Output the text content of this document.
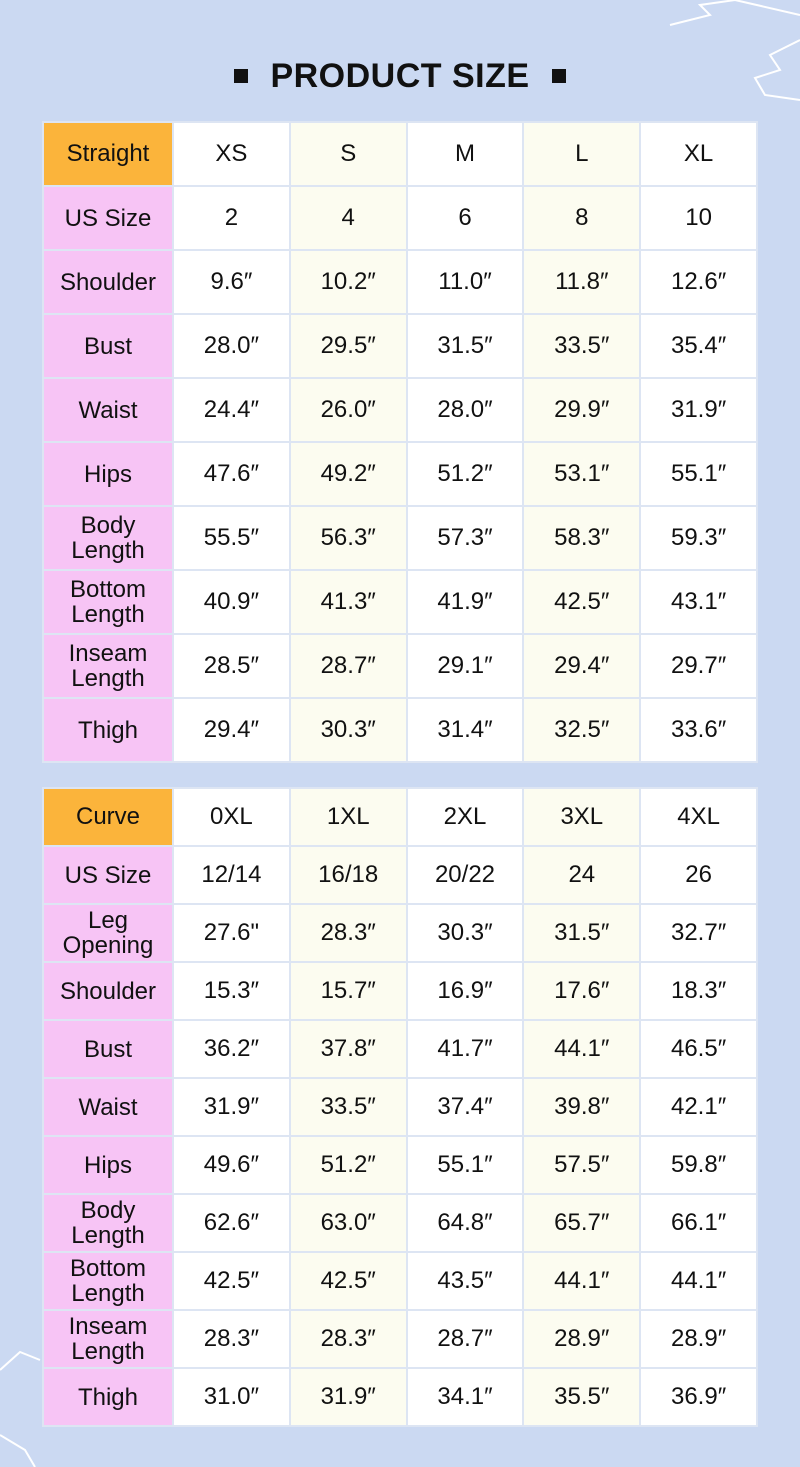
PRODUCT SIZE
Straight	XS	S	M	L	XL
US Size	2	4	6	8	10
Shoulder	9.6″	10.2″	11.0″	11.8″	12.6″
Bust	28.0″	29.5″	31.5″	33.5″	35.4″
Waist	24.4″	26.0″	28.0″	29.9″	31.9″
Hips	47.6″	49.2″	51.2″	53.1″	55.1″
Body Length	55.5″	56.3″	57.3″	58.3″	59.3″
Bottom Length	40.9″	41.3″	41.9″	42.5″	43.1″
Inseam Length	28.5″	28.7″	29.1″	29.4″	29.7″
Thigh	29.4″	30.3″	31.4″	32.5″	33.6″
Curve	0XL	1XL	2XL	3XL	4XL
US Size	12/14	16/18	20/22	24	26
Leg Opening	27.6"	28.3″	30.3″	31.5″	32.7″
Shoulder	15.3″	15.7″	16.9″	17.6″	18.3″
Bust	36.2″	37.8″	41.7″	44.1″	46.5″
Waist	31.9″	33.5″	37.4″	39.8″	42.1″
Hips	49.6″	51.2″	55.1″	57.5″	59.8″
Body Length	62.6″	63.0″	64.8″	65.7″	66.1″
Bottom Length	42.5″	42.5″	43.5″	44.1″	44.1″
Inseam Length	28.3″	28.3″	28.7″	28.9″	28.9″
Thigh	31.0″	31.9″	34.1″	35.5″	36.9″
